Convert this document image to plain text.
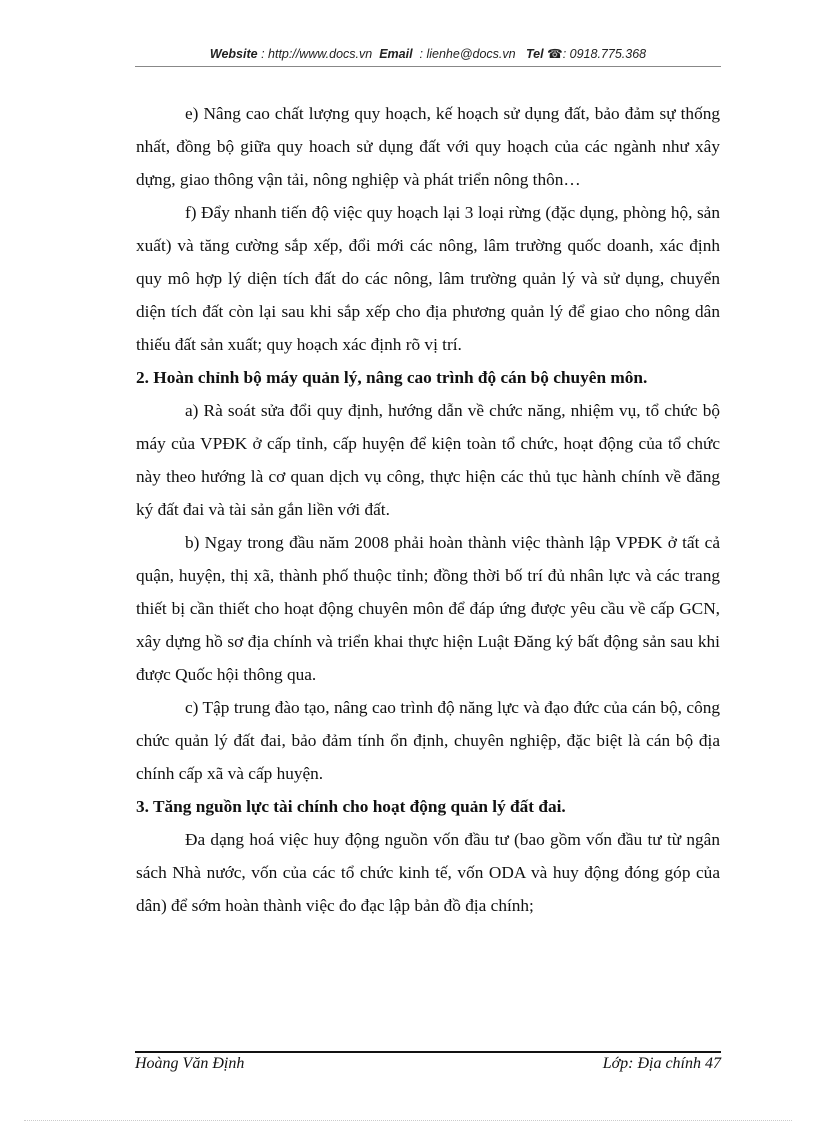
Website : http://www.docs.vn Email : lienhe@docs.vn Tel ☎: 0918.775.368

e) Nâng cao chất lượng quy hoạch, kế hoạch sử dụng đất, bảo đảm sự thống nhất, đồng bộ giữa quy hoach sử dụng đất với quy hoạch của các ngành như xây dựng, giao thông vận tải, nông nghiệp và phát triển nông thôn…

f) Đẩy nhanh tiến độ việc quy hoạch lại 3 loại rừng (đặc dụng, phòng hộ, sản xuất) và tăng cường sắp xếp, đổi mới các nông, lâm trường quốc doanh, xác định quy mô hợp lý diện tích đất do các nông, lâm trường quản lý và sử dụng, chuyển diện tích đất còn lại sau khi sắp xếp cho địa phương quản lý để giao cho nông dân thiếu đất sản xuất; quy hoạch xác định rõ vị trí.

2. Hoàn chỉnh bộ máy quản lý, nâng cao trình độ cán bộ chuyên môn.

a) Rà soát sửa đổi quy định, hướng dẫn về chức năng, nhiệm vụ, tổ chức bộ máy của VPĐK ở cấp tỉnh, cấp huyện để kiện toàn tổ chức, hoạt động của tổ chức này theo hướng là cơ quan dịch vụ công, thực hiện các thủ tục hành chính về đăng ký đất đai và tài sản gắn liền với đất.

b) Ngay trong đầu năm 2008 phải hoàn thành việc thành lập VPĐK ở tất cả quận, huyện, thị xã, thành phố thuộc tỉnh; đồng thời bố trí đủ nhân lực và các trang thiết bị cần thiết cho hoạt động chuyên môn để đáp ứng được yêu cầu về cấp GCN, xây dựng hồ sơ địa chính và triển khai thực hiện Luật Đăng ký bất động sản sau khi được Quốc hội thông qua.

c) Tập trung đào tạo, nâng cao trình độ năng lực và đạo đức của cán bộ, công chức quản lý đất đai, bảo đảm tính ổn định, chuyên nghiệp, đặc biệt là cán bộ địa chính cấp xã và cấp huyện.

3. Tăng nguồn lực tài chính cho hoạt động quản lý đất đai.

Đa dạng hoá việc huy động nguồn vốn đầu tư (bao gồm vốn đầu tư từ ngân sách Nhà nước, vốn của các tổ chức kinh tế, vốn ODA và huy động đóng góp của dân) để sớm hoàn thành việc đo đạc lập bản đồ địa chính;

Hoàng Văn Định	Lớp: Địa chính 47
